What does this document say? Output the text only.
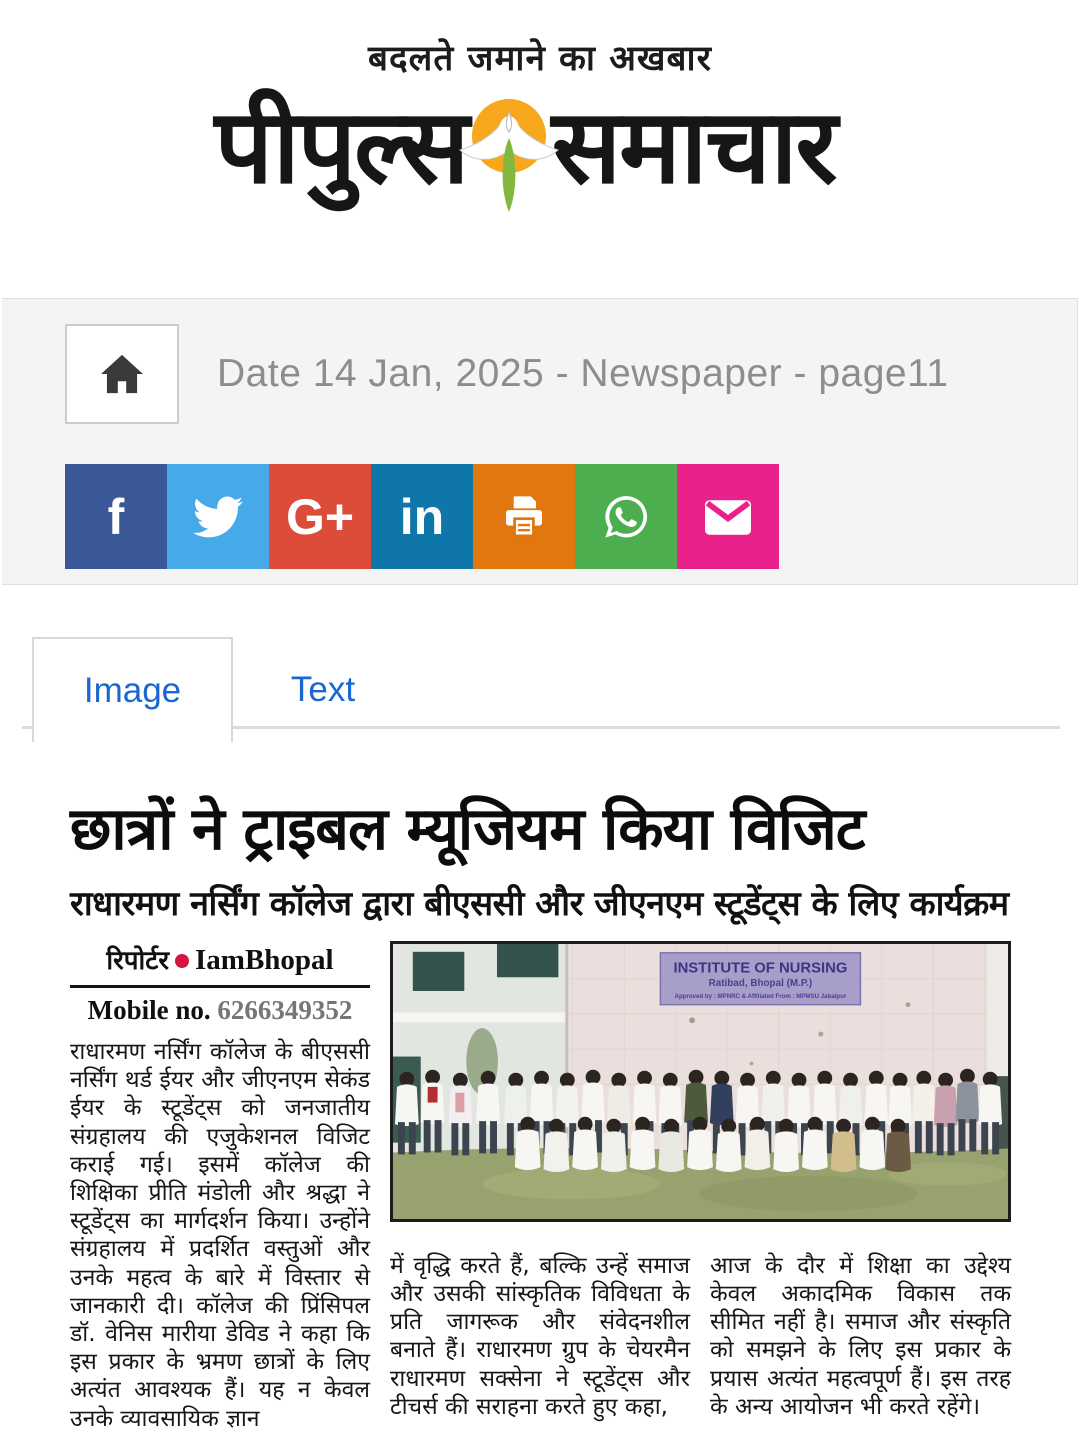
बदलते जमाने का अखबार
पीपुल्स समाचार
Date 14 Jan, 2025 - Newspaper - page11
f	G+ in
Image	Text
छात्रों ने ट्राइबल म्यूजियम किया विजिट
राधारमण नर्सिंग कॉलेज द्वारा बीएससी और जीएनएम स्टूडेंट्स के लिए कार्यक्रम
रिपोर्टर IamBhopal
Mobile no. 6266349352

राधारमण नर्सिंग कॉलेज के बीएससी नर्सिंग थर्ड ईयर और जीएनएम सेकंड ईयर के स्टूडेंट्स को जनजातीय संग्रहालय की एजुकेशनल विजिट कराई गई। इसमें कॉलेज की शिक्षिका प्रीति मंडोली और श्रद्धा ने स्टूडेंट्स का मार्गदर्शन किया। उन्होंने संग्रहालय में प्रदर्शित वस्तुओं और उनके महत्व के बारे में विस्तार से जानकारी दी। कॉलेज की प्रिंसिपल डॉ. वेनिस मारीया डेविड ने कहा कि इस प्रकार के भ्रमण छात्रों के लिए अत्यंत आवश्यक हैं। यह न केवल उनके व्यावसायिक ज्ञान

INSTITUTE OF NURSING
Ratibad, Bhopal (M.P.)
Approved by : MPNRC & Affiliated From : MPMSU Jabalpur

में वृद्धि करते हैं, बल्कि उन्हें समाज और उसकी सांस्कृतिक विविधता के प्रति जागरूक और संवेदनशील बनाते हैं। राधारमण ग्रुप के चेयरमैन राधारमण सक्सेना ने स्टूडेंट्स और टीचर्स की सराहना करते हुए कहा,

आज के दौर में शिक्षा का उद्देश्य केवल अकादमिक विकास तक सीमित नहीं है। समाज और संस्कृति को समझने के लिए इस प्रकार के प्रयास अत्यंत महत्वपूर्ण हैं। इस तरह के अन्य आयोजन भी करते रहेंगे।
